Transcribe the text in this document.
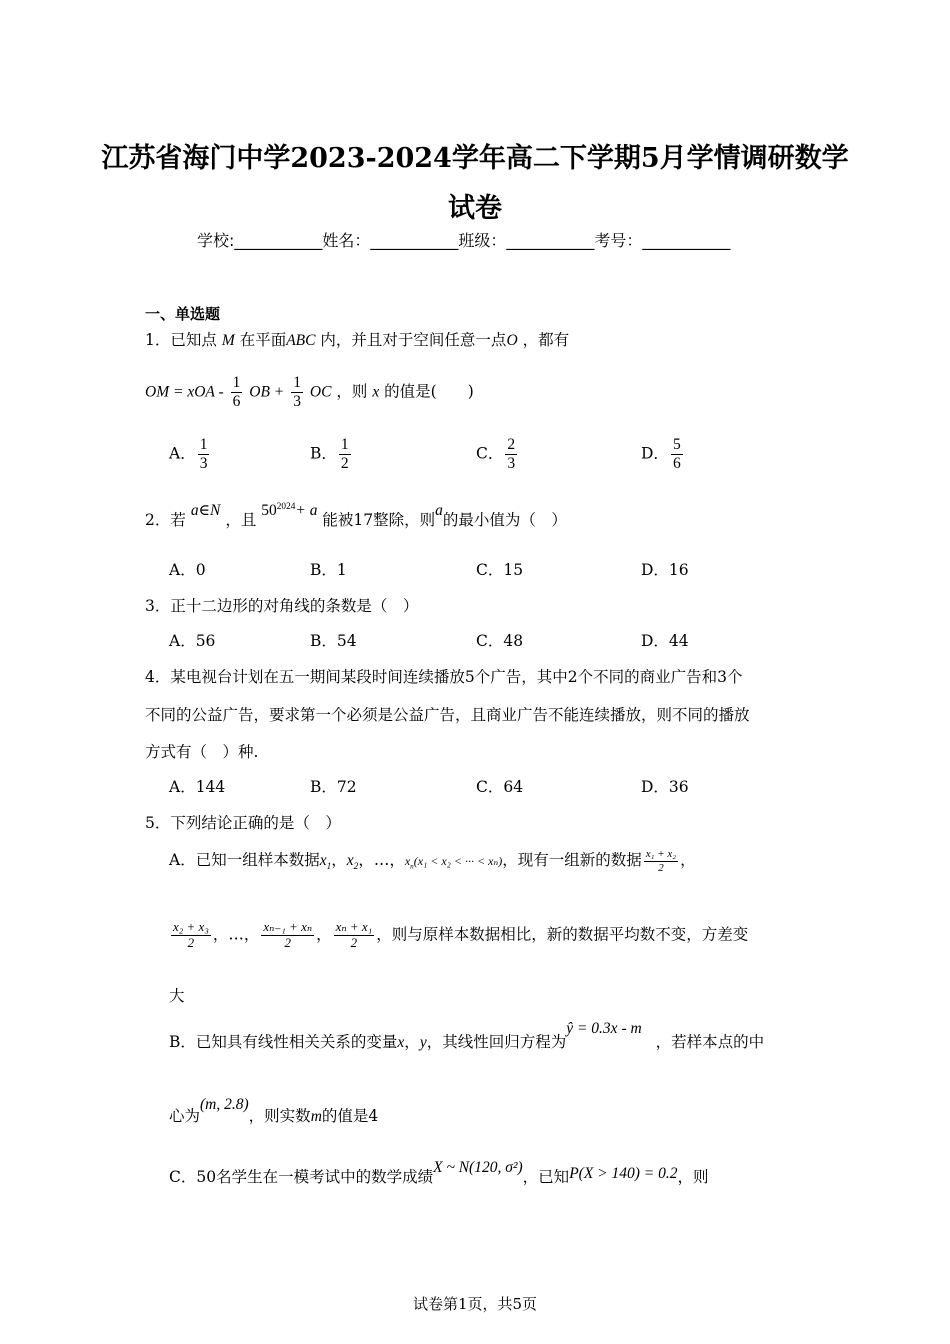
江苏省海门中学2023-2024学年高二下学期5月学情调研数学
试卷
学校:___________姓名：___________班级：___________考号：___________
一、单选题
1．已知点 M 在平面ABC 内，并且对于空间任意一点O ，都有
OM = xOA - $\frac{1}{6}$ OB + $\frac{1}{3}$ OC ，则 x 的值是(　　)
A． $\frac{1}{3}$	B． $\frac{1}{2}$	C． $\frac{2}{3}$	D． $\frac{5}{6}$
2．若 a∈N ，且 $50^{2024}+ a$ 能被17整除，则a的最小值为（　）
A．0	B．1	C．15	D．16
3．正十二边形的对角线的条数是（　）
A．56	B．54	C．48	D．44
4．某电视台计划在五一期间某段时间连续播放5个广告，其中2个不同的商业广告和3个
不同的公益广告，要求第一个必须是公益广告，且商业广告不能连续播放，则不同的播放
方式有（　）种.
A．144	B．72	C．64	D．36
5．下列结论正确的是（　）
A．已知一组样本数据$x_1$，$x_2$，…，$x_n(x_1 < x_2$ < ··· < xₙ)，现有一组新的数据 $\frac{\text{x₁ + x₂}}{2}$ ，
$\frac{\text{x₂ + x₃}}{2}$ ，…， $\frac{\text{xₙ₋₁ + xₙ}}{2}$ ， $\frac{\text{xₙ + x₁}}{2}$ ，则与原样本数据相比，新的数据平均数不变，方差变
大
B．已知具有线性相关关系的变量x，y，其线性回归方程为ŷ = 0.3x - m，若样本点的中
心为(m, 2.8)，则实数m的值是4
C．50名学生在一模考试中的数学成绩X ~ N(120, σ²)，已知P(X > 140) = 0.2，则
试卷第1页，共5页
